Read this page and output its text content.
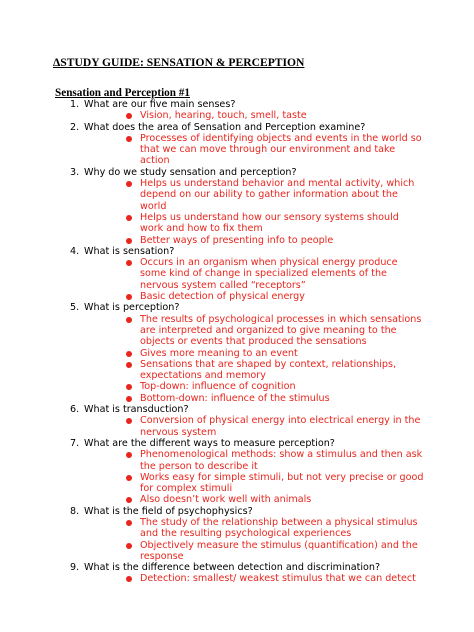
ΔSTUDY GUIDE: SENSATION & PERCEPTION
Sensation and Perception #1
1. What are our five main senses?
Vision, hearing, touch, smell, taste
2. What does the area of Sensation and Perception examine?
Processes of identifying objects and events in the world so that we can move through our environment and take action
3. Why do we study sensation and perception?
Helps us understand behavior and mental activity, which depend on our ability to gather information about the world
Helps us understand how our sensory systems should work and how to fix them
Better ways of presenting info to people
4. What is sensation?
Occurs in an organism when physical energy produce some kind of change in specialized elements of the nervous system called “receptors”
Basic detection of physical energy
5. What is perception?
The results of psychological processes in which sensations are interpreted and organized to give meaning to the objects or events that produced the sensations
Gives more meaning to an event
Sensations that are shaped by context, relationships, expectations and memory
Top-down: influence of cognition
Bottom-down: influence of the stimulus
6. What is transduction?
Conversion of physical energy into electrical energy in the nervous system
7. What are the different ways to measure perception?
Phenomenological methods: show a stimulus and then ask the person to describe it
Works easy for simple stimuli, but not very precise or good for complex stimuli
Also doesn’t work well with animals
8. What is the field of psychophysics?
The study of the relationship between a physical stimulus and the resulting psychological experiences
Objectively measure the stimulus (quantification) and the response
9. What is the difference between detection and discrimination?
Detection: smallest/ weakest stimulus that we can detect
